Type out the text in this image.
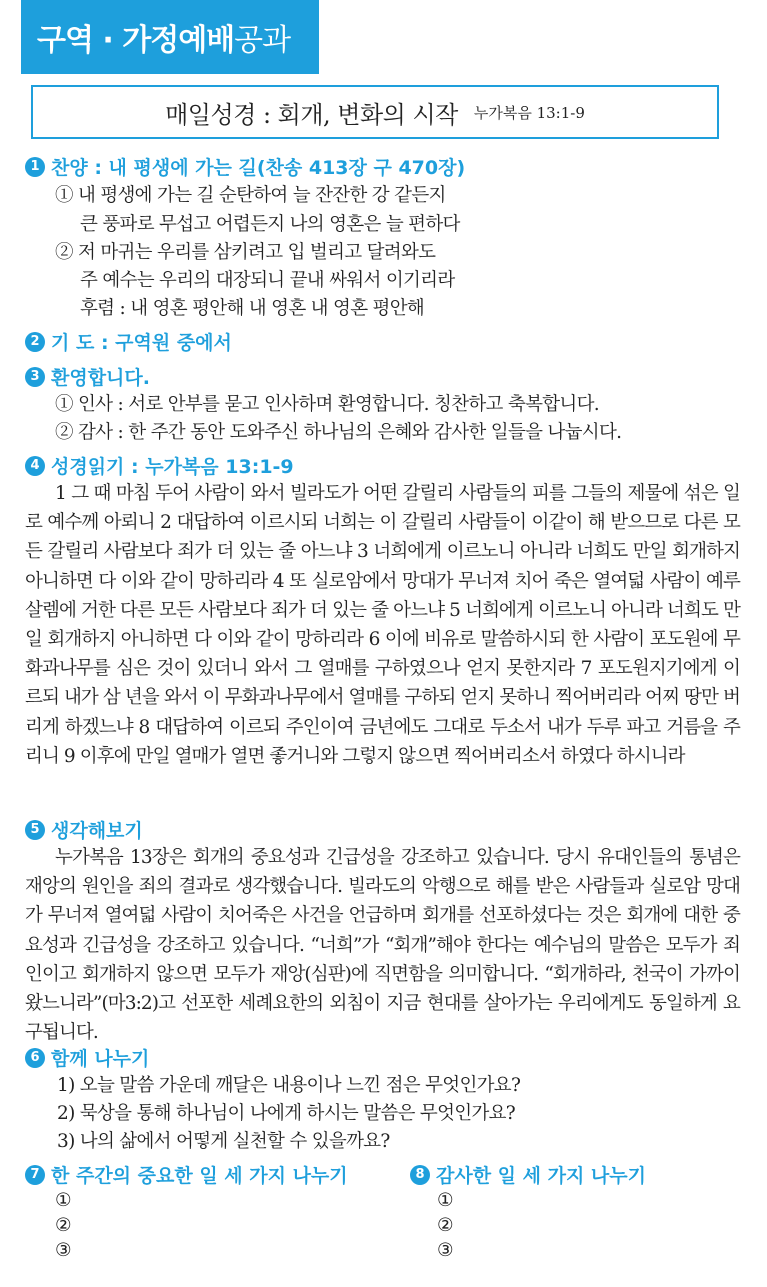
구역 · 가정예배 공과
매일성경 : 회개, 변화의 시작 누가복음 13:1-9
1 찬양 : 내 평생에 가는 길(찬송 413장 구 470장)
① 내 평생에 가는 길 순탄하여 늘 잔잔한 강 같든지
큰 풍파로 무섭고 어렵든지 나의 영혼은 늘 편하다
② 저 마귀는 우리를 삼키려고 입 벌리고 달려와도
주 예수는 우리의 대장되니 끝내 싸워서 이기리라
후렴 : 내 영혼 평안해 내 영혼 내 영혼 평안해
2 기 도 : 구역원 중에서
3 환영합니다.
① 인사 : 서로 안부를 묻고 인사하며 환영합니다. 칭찬하고 축복합니다.
② 감사 : 한 주간 동안 도와주신 하나님의 은혜와 감사한 일들을 나눕시다.
4 성경읽기 : 누가복음 13:1-9

1 그 때 마침 두어 사람이 와서 빌라도가 어떤 갈릴리 사람들의 피를 그들의 제물에 섞은 일로 예수께 아뢰니 2 대답하여 이르시되 너희는 이 갈릴리 사람들이 이같이 해 받으므로 다른 모든 갈릴리 사람보다 죄가 더 있는 줄 아느냐 3 너희에게 이르노니 아니라 너희도 만일 회개하지 아니하면 다 이와 같이 망하리라 4 또 실로암에서 망대가 무너져 치어 죽은 열여덟 사람이 예루살렘에 거한 다른 모든 사람보다 죄가 더 있는 줄 아느냐 5 너희에게 이르노니 아니라 너희도 만일 회개하지 아니하면 다 이와 같이 망하리라 6 이에 비유로 말씀하시되 한 사람이 포도원에 무화과나무를 심은 것이 있더니 와서 그 열매를 구하였으나 얻지 못한지라 7 포도원지기에게 이르되 내가 삼 년을 와서 이 무화과나무에서 열매를 구하되 얻지 못하니 찍어버리라 어찌 땅만 버리게 하겠느냐 8 대답하여 이르되 주인이여 금년에도 그대로 두소서 내가 두루 파고 거름을 주리니 9 이후에 만일 열매가 열면 좋거니와 그렇지 않으면 찍어버리소서 하였다 하시니라

5 생각해보기

누가복음 13장은 회개의 중요성과 긴급성을 강조하고 있습니다. 당시 유대인들의 통념은 재앙의 원인을 죄의 결과로 생각했습니다. 빌라도의 악행으로 해를 받은 사람들과 실로암 망대가 무너져 열여덟 사람이 치어죽은 사건을 언급하며 회개를 선포하셨다는 것은 회개에 대한 중요성과 긴급성을 강조하고 있습니다. “너희”가 “회개”해야 한다는 예수님의 말씀은 모두가 죄인이고 회개하지 않으면 모두가 재앙(심판)에 직면함을 의미합니다. “회개하라, 천국이 가까이 왔느니라”(마3:2)고 선포한 세례요한의 외침이 지금 현대를 살아가는 우리에게도 동일하게 요구됩니다.

6 함께 나누기
1) 오늘 말씀 가운데 깨달은 내용이나 느낀 점은 무엇인가요?
2) 묵상을 통해 하나님이 나에게 하시는 말씀은 무엇인가요?
3) 나의 삶에서 어떻게 실천할 수 있을까요?
7 한 주간의 중요한 일 세 가지 나누기
①
②
③
8 감사한 일 세 가지 나누기
①
②
③
